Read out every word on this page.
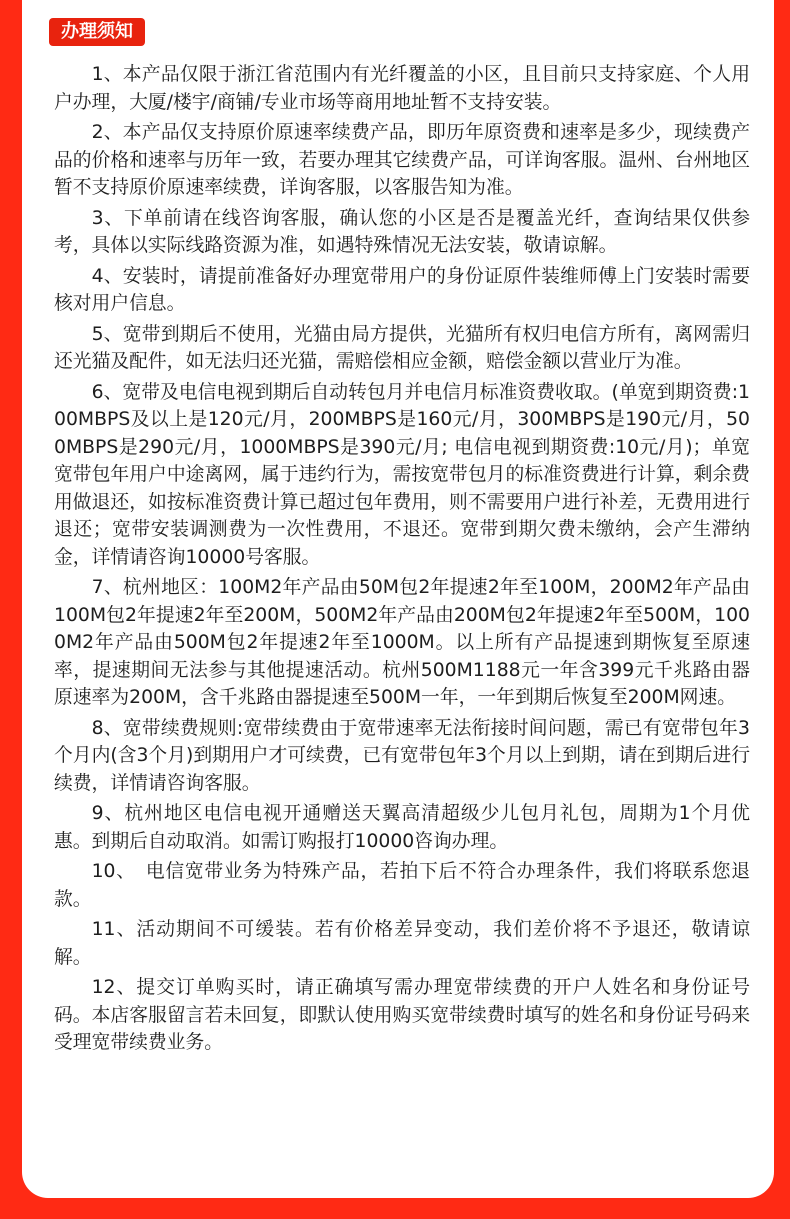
办理须知

1、本产品仅限于浙江省范围内有光纤覆盖的小区，且目前只支持家庭、个人用户办理，大厦/楼宇/商铺/专业市场等商用地址暂不支持安装。

2、本产品仅支持原价原速率续费产品，即历年原资费和速率是多少，现续费产品的价格和速率与历年一致，若要办理其它续费产品，可详询客服。温州、台州地区暂不支持原价原速率续费，详询客服，以客服告知为准。

3、下单前请在线咨询客服，确认您的小区是否是覆盖光纤，查询结果仅供参考，具体以实际线路资源为准，如遇特殊情况无法安装，敬请谅解。

4、安装时，请提前准备好办理宽带用户的身份证原件装维师傅上门安装时需要核对用户信息。

5、宽带到期后不使用，光猫由局方提供，光猫所有权归电信方所有，离网需归还光猫及配件，如无法归还光猫，需赔偿相应金额，赔偿金额以营业厅为准。

6、宽带及电信电视到期后自动转包月并电信月标准资费收取。(单宽到期资费:100MBPS及以上是120元/月，200MBPS是160元/月，300MBPS是190元/月，500MBPS是290元/月，1000MBPS是390元/月; 电信电视到期资费:10元/月)；单宽宽带包年用户中途离网，属于违约行为，需按宽带包月的标准资费进行计算，剩余费用做退还，如按标准资费计算已超过包年费用，则不需要用户进行补差，无费用进行退还；宽带安装调测费为一次性费用，不退还。宽带到期欠费未缴纳，会产生滞纳金，详情请咨询10000号客服。

7、杭州地区：100M2年产品由50M包2年提速2年至100M，200M2年产品由100M包2年提速2年至200M，500M2年产品由200M包2年提速2年至500M，1000M2年产品由500M包2年提速2年至1000M。以上所有产品提速到期恢复至原速率，提速期间无法参与其他提速活动。杭州500M1188元一年含399元千兆路由器原速率为200M，含千兆路由器提速至500M一年，一年到期后恢复至200M网速。

8、宽带续费规则:宽带续费由于宽带速率无法衔接时间问题，需已有宽带包年3个月内(含3个月)到期用户才可续费，已有宽带包年3个月以上到期，请在到期后进行续费，详情请咨询客服。

9、杭州地区电信电视开通赠送天翼高清超级少儿包月礼包，周期为1个月优惠。到期后自动取消。如需订购报打10000咨询办理。

10、　电信宽带业务为特殊产品，若拍下后不符合办理条件，我们将联系您退款。

11、活动期间不可缓装。若有价格差异变动，我们差价将不予退还，敬请谅解。

12、提交订单购买时，请正确填写需办理宽带续费的开户人姓名和身份证号码。本店客服留言若未回复，即默认使用购买宽带续费时填写的姓名和身份证号码来受理宽带续费业务。
